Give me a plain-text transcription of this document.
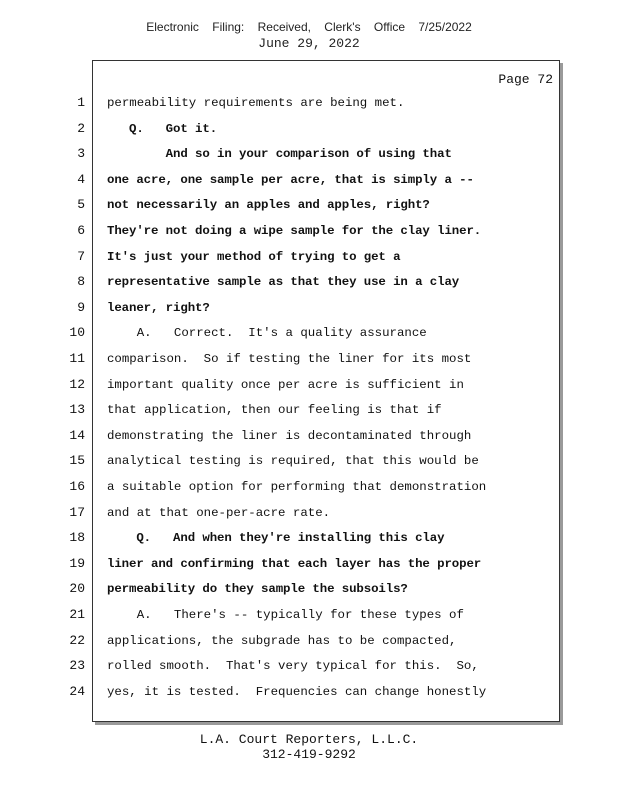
Electronic Filing: Received, Clerk's Office 7/25/2022
June 29, 2022
Page 72
1 permeability requirements are being met.
2 Q.   Got it.
3 And so in your comparison of using that
4 one acre, one sample per acre, that is simply a --
5 not necessarily an apples and apples, right?
6 They're not doing a wipe sample for the clay liner.
7 It's just your method of trying to get a
8 representative sample as that they use in a clay
9 leaner, right?
10 A.   Correct.  It's a quality assurance
11 comparison.  So if testing the liner for its most
12 important quality once per acre is sufficient in
13 that application, then our feeling is that if
14 demonstrating the liner is decontaminated through
15 analytical testing is required, that this would be
16 a suitable option for performing that demonstration
17 and at that one-per-acre rate.
18 Q.   And when they're installing this clay
19 liner and confirming that each layer has the proper
20 permeability do they sample the subsoils?
21 A.   There's -- typically for these types of
22 applications, the subgrade has to be compacted,
23 rolled smooth.  That's very typical for this.  So,
24 yes, it is tested.  Frequencies can change honestly
L.A. Court Reporters, L.L.C.
312-419-9292
